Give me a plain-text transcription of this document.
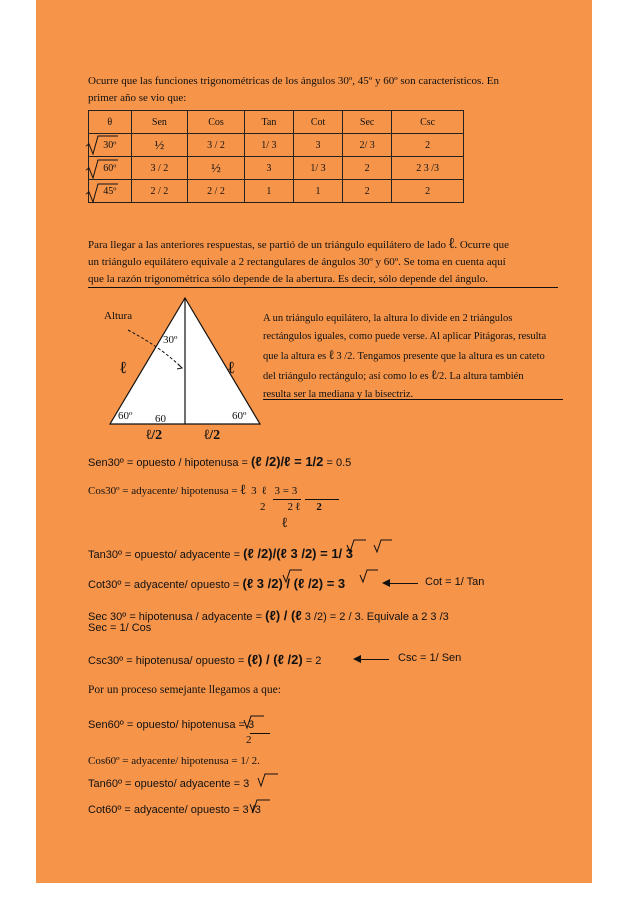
Ocurre que las funciones trigonométricas de los ángulos 30º, 45º y 60º son característicos. En
primer año se vio que:
θ	Sen	Cos	Tan	Cot	Sec	Csc
30º	½	3 / 2	1/ 3	3	2/ 3	2
60º	3 / 2	½	3	1/ 3	2	2 3 /3
45º	2 / 2	2 / 2	1	1	2	2
Para llegar a las anteriores respuestas, se partió de un triángulo equilátero de lado ℓ. Ocurre que
un triángulo equilátero equivale a 2 rectangulares de ángulos 30º y 60º. Se toma en cuenta aquí
que la razón trigonométrica sólo depende de la abertura. Es decir, sólo depende del ángulo.
Altura
30º
ℓ	ℓ
60º 60	60º
ℓ/2	ℓ/2
A un triángulo equilátero, la altura lo divide en 2 triángulos
rectángulos iguales, como puede verse. Al aplicar Pitágoras, resulta
que la altura es ℓ 3 /2. Tengamos presente que la altura es un cateto
del triángulo rectángulo; así como lo es ℓ/2. La altura también
resulta ser la mediana y la bisectriz.
Sen30º = opuesto / hipotenusa = (ℓ /2)/ℓ = 1/2 = 0.5
Cos30º = adyacente/ hipotenusa = ℓ  3  ℓ   3 = 3
2        2 ℓ 2
ℓ
Tan30º = opuesto/ adyacente = (ℓ /2)/(ℓ 3 /2) = 1/ 3
Cot30º = adyacente/ opuesto = (ℓ 3 /2) / (ℓ /2) = 3	Cot = 1/ Tan
Sec 30º = hipotenusa / adyacente = (ℓ) / (ℓ 3 /2) = 2 / 3. Equivale a 2 3 /3
Sec = 1/ Cos
Csc30º = hipotenusa/ opuesto = (ℓ) / (ℓ /2) = 2	Csc = 1/ Sen
Por un proceso semejante llegamos a que:
Sen60º = opuesto/ hipotenusa = 3
2
Cos60º = adyacente/ hipotenusa = 1/ 2.
Tan60º = opuesto/ adyacente = 3
Cot60º = adyacente/ opuesto = 3 /3
